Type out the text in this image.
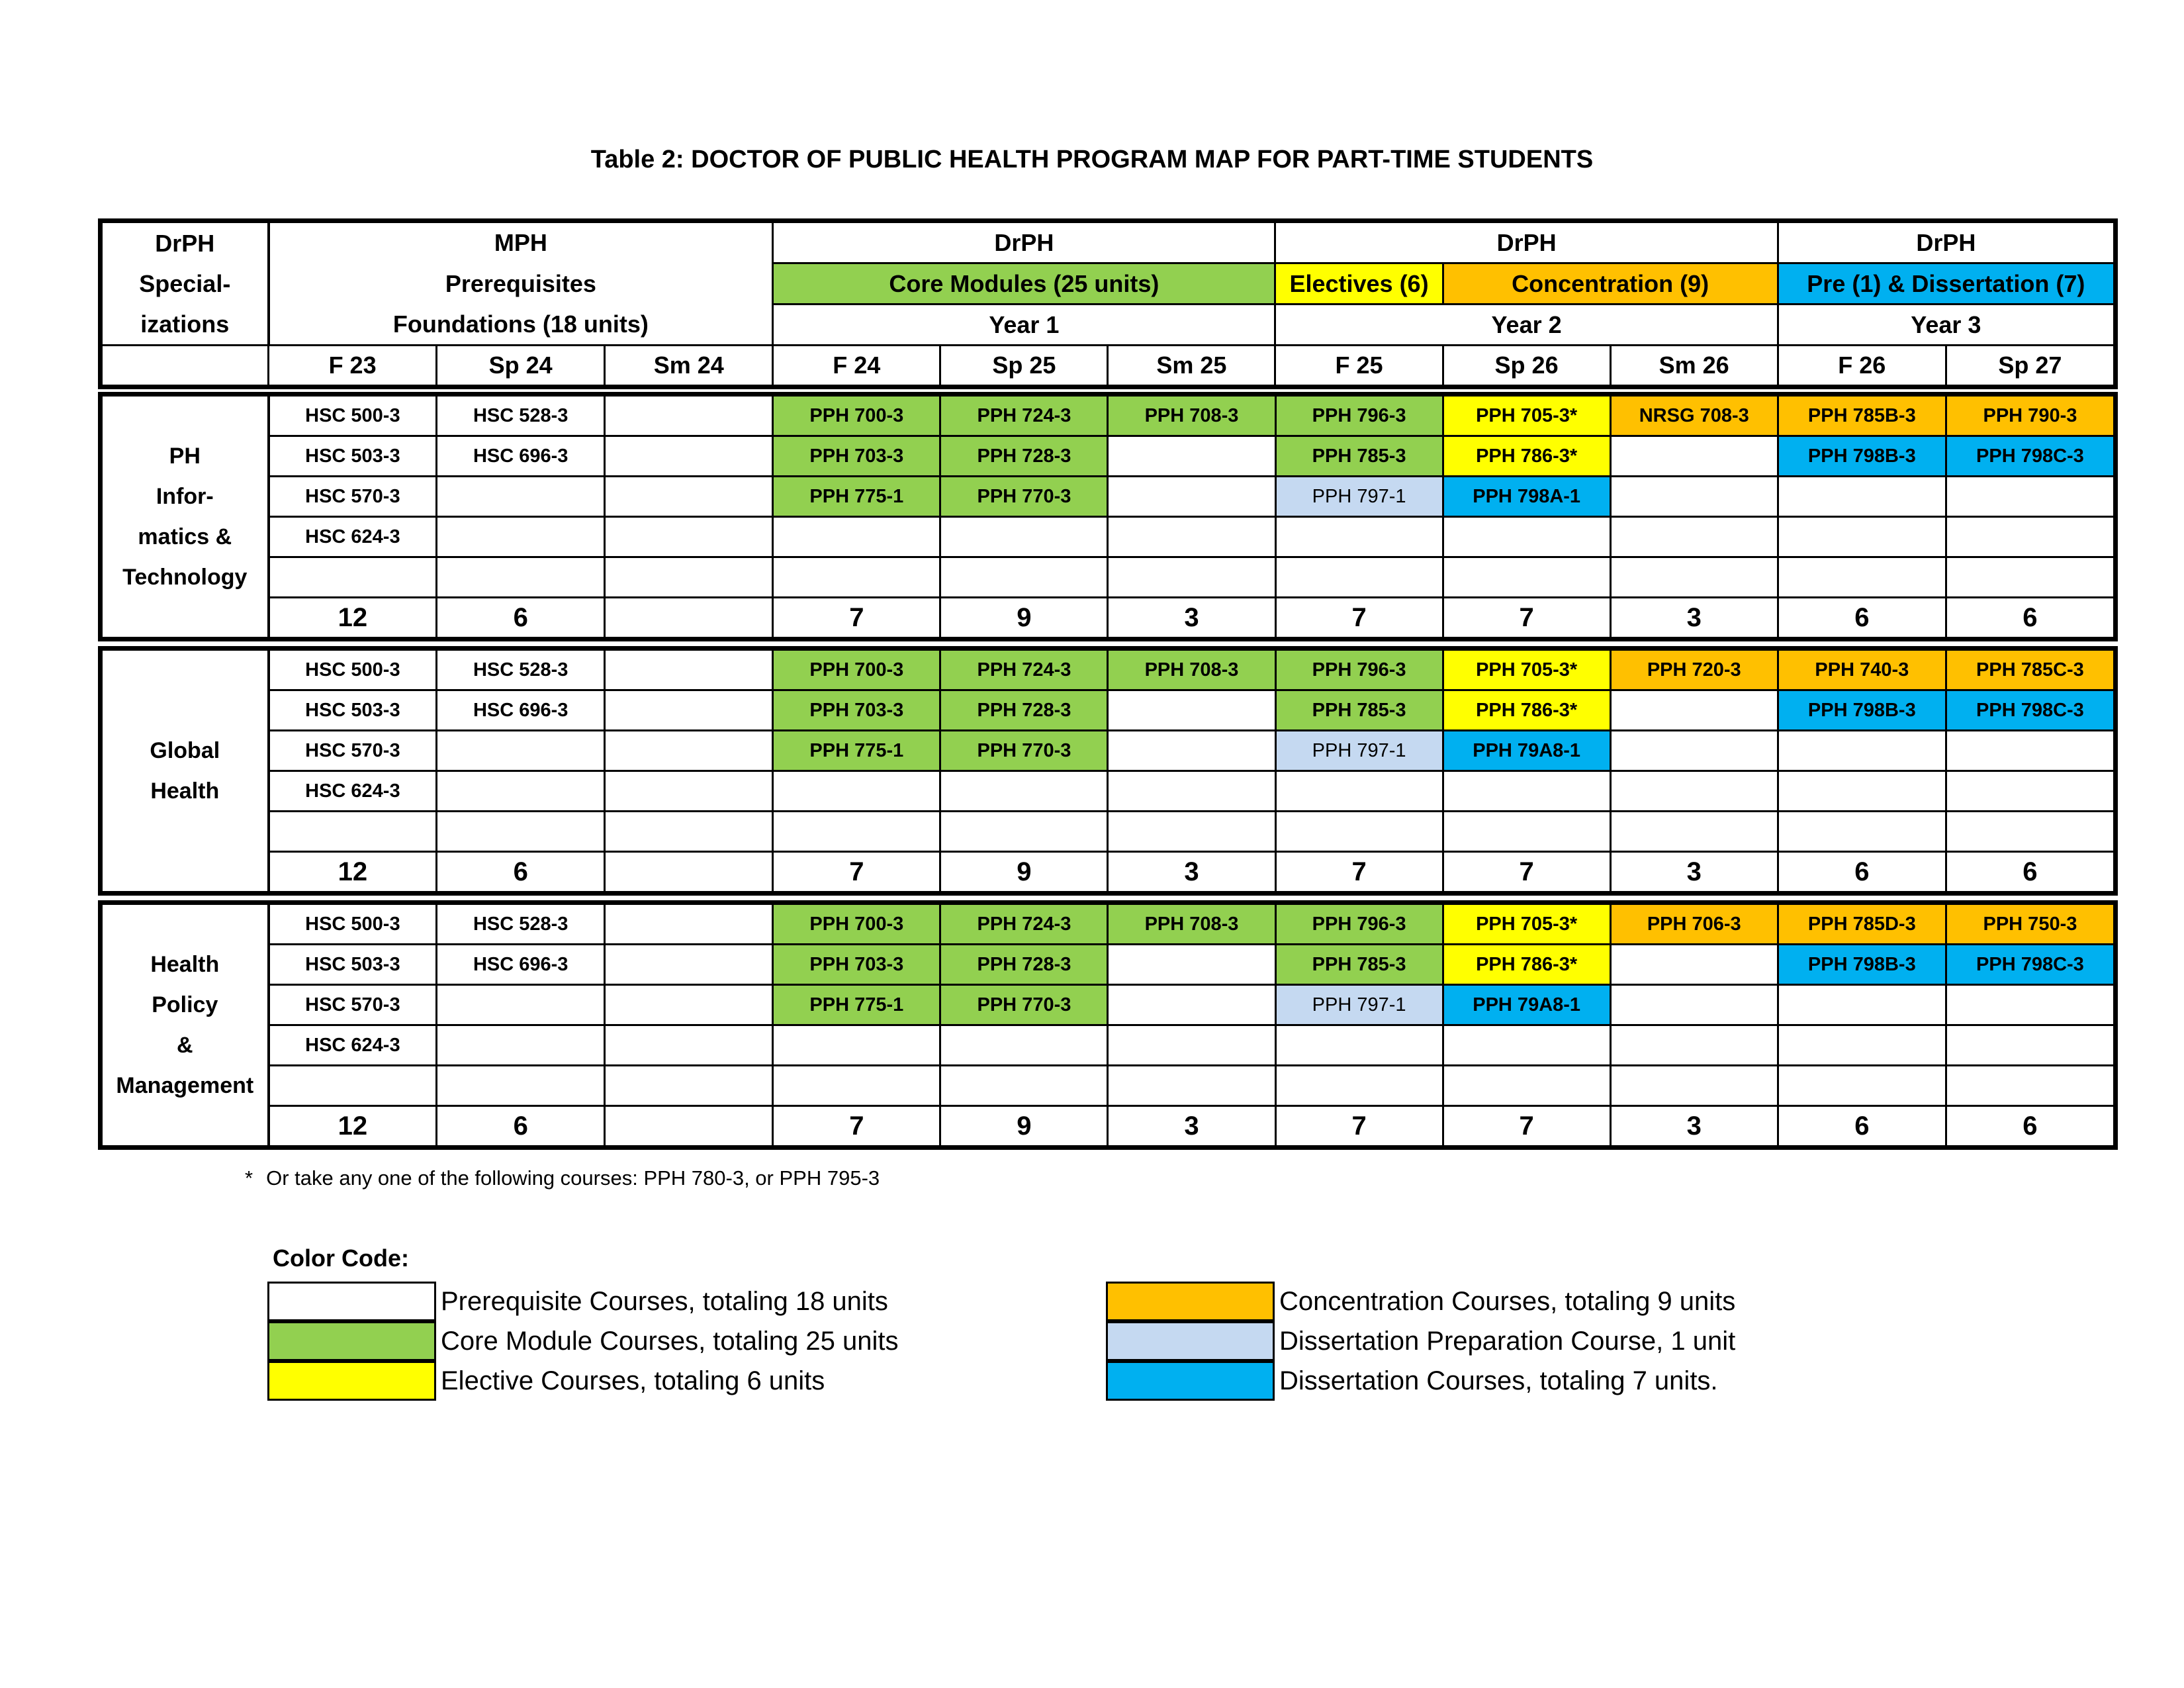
Table 2: DOCTOR OF PUBLIC HEALTH PROGRAM MAP FOR PART-TIME STUDENTS
DrPH
Special-
izations	MPH			DrPH			DrPH			DrPH	
	Prerequisites			Core Modules (25 units)			Electives (6)	Concentration (9)		Pre (1) & Dissertation (7)	
	Foundations (18 units)			Year 1			Year 2			Year 3	
	F 23	Sp 24	Sm 24	F 24	Sp 25	Sm 25	F 25	Sp 26	Sm 26	F 26	Sp 27
PH
Infor-
matics &
Technology	HSC 500-3	HSC 528-3		PPH 700-3	PPH 724-3	PPH 708-3	PPH 796-3	PPH 705-3*	NRSG 708-3	PPH 785B-3	PPH 790-3
	HSC 503-3	HSC 696-3		PPH 703-3	PPH 728-3		PPH 785-3	PPH 786-3*		PPH 798B-3	PPH 798C-3
	HSC 570-3			PPH 775-1	PPH 770-3		PPH 797-1	PPH 798A-1			
	HSC 624-3										

	12	6		7	9	3	7	7	3	6	6
Global
Health	HSC 500-3	HSC 528-3		PPH 700-3	PPH 724-3	PPH 708-3	PPH 796-3	PPH 705-3*	PPH 720-3	PPH 740-3	PPH 785C-3
	HSC 503-3	HSC 696-3		PPH 703-3	PPH 728-3		PPH 785-3	PPH 786-3*		PPH 798B-3	PPH 798C-3
	HSC 570-3			PPH 775-1	PPH 770-3		PPH 797-1	PPH 79A8-1			
	HSC 624-3										

	12	6		7	9	3	7	7	3	6	6
Health
Policy
&
Management	HSC 500-3	HSC 528-3		PPH 700-3	PPH 724-3	PPH 708-3	PPH 796-3	PPH 705-3*	PPH 706-3	PPH 785D-3	PPH 750-3
	HSC 503-3	HSC 696-3		PPH 703-3	PPH 728-3		PPH 785-3	PPH 786-3*		PPH 798B-3	PPH 798C-3
	HSC 570-3			PPH 775-1	PPH 770-3		PPH 797-1	PPH 79A8-1			
	HSC 624-3										

	12	6		7	9	3	7	7	3	6	6
* Or take any one of the following courses: PPH 780-3, or PPH 795-3
Color Code:
Prerequisite Courses, totaling 18 units
Core Module Courses, totaling 25 units
Elective Courses, totaling 6 units
Concentration Courses, totaling 9 units
Dissertation Preparation Course, 1 unit
Dissertation Courses, totaling 7 units.
